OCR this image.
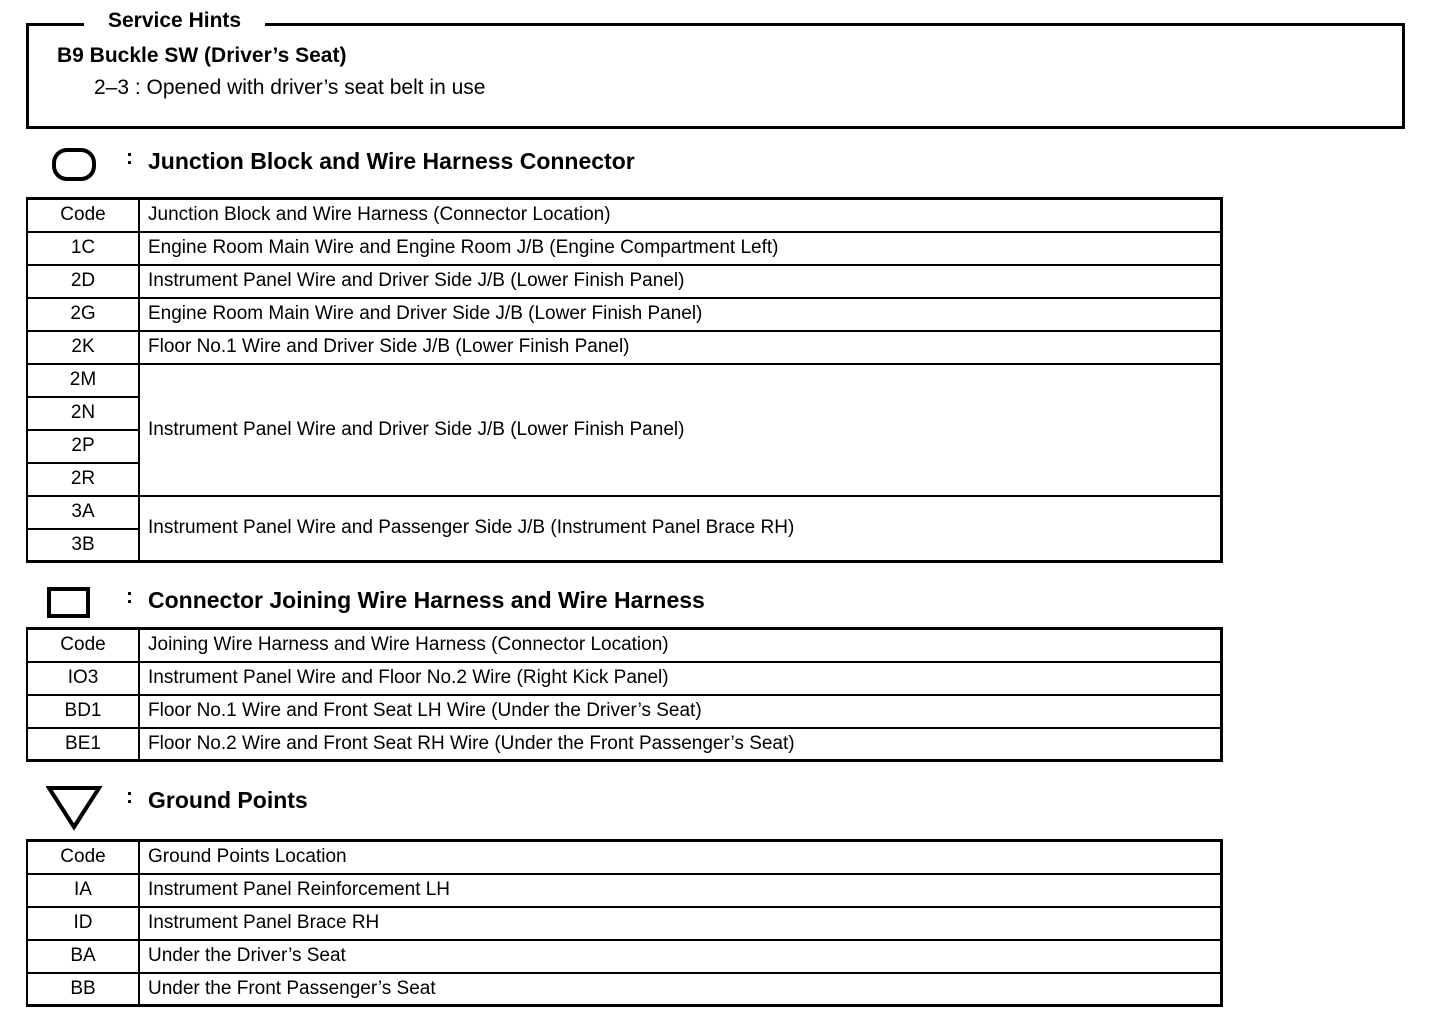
Service Hints
B9 Buckle SW (Driver’s Seat)
2–3 : Opened with driver’s seat belt in use
: Junction Block and Wire Harness Connector
Code	Junction Block and Wire Harness (Connector Location)
1C	Engine Room Main Wire and Engine Room J/B (Engine Compartment Left)
2D	Instrument Panel Wire and Driver Side J/B (Lower Finish Panel)
2G	Engine Room Main Wire and Driver Side J/B (Lower Finish Panel)
2K	Floor No.1 Wire and Driver Side J/B (Lower Finish Panel)
2M	Instrument Panel Wire and Driver Side J/B (Lower Finish Panel)
2N	
2P	
2R	
3A	Instrument Panel Wire and Passenger Side J/B (Instrument Panel Brace RH)
3B	
: Connector Joining Wire Harness and Wire Harness
Code	Joining Wire Harness and Wire Harness (Connector Location)
IO3	Instrument Panel Wire and Floor No.2 Wire (Right Kick Panel)
BD1	Floor No.1 Wire and Front Seat LH Wire (Under the Driver’s Seat)
BE1	Floor No.2 Wire and Front Seat RH Wire (Under the Front Passenger’s Seat)
: Ground Points
Code	Ground Points Location
IA	Instrument Panel Reinforcement LH
ID	Instrument Panel Brace RH
BA	Under the Driver’s Seat
BB	Under the Front Passenger’s Seat
